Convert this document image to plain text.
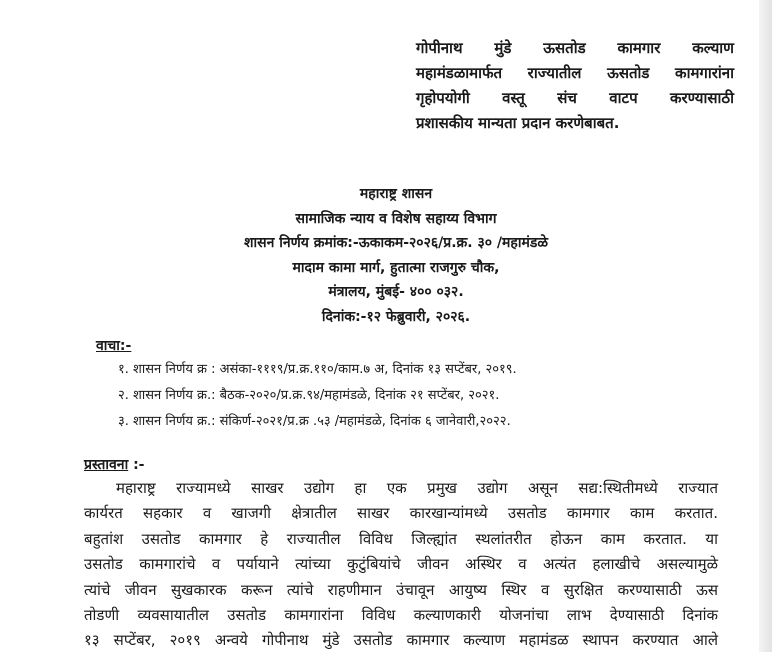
गोपीनाथ मुंडे ऊसतोड कामगार कल्याण
महामंडळामार्फत राज्यातील ऊसतोड कामगारांना
गृहोपयोगी वस्तू संच वाटप करण्यासाठी
प्रशासकीय मान्यता प्रदान करणेबाबत.
महाराष्ट्र शासन
सामाजिक न्याय व विशेष सहाय्य विभाग
शासन निर्णय क्रमांक:-ऊकाकम-२०२६/प्र.क्र. ३० /महामंडळे
मादाम कामा मार्ग, हुतात्मा राजगुरु चौक,
मंत्रालय, मुंबई- ४०० ०३२.
दिनांक:-१२ फेब्रुवारी, २०२६.
वाचा:-
१. शासन निर्णय क्र : असंका-१११९/प्र.क्र.११०/काम.७ अ, दिनांक १३ सप्टेंबर, २०१९.
२. शासन निर्णय क्र.: बैठक-२०२०/प्र.क्र.९४/महामंडळे, दिनांक २१ सप्टेंबर, २०२१.
३. शासन निर्णय क्र.: संकिर्ण-२०२१/प्र.क्र .५३ /महामंडळे, दिनांक ६ जानेवारी,२०२२.
प्रस्तावना :-
महाराष्ट्र राज्यामध्ये साखर उद्योग हा एक प्रमुख उद्योग असून सद्य:स्थितीमध्ये राज्यात
कार्यरत सहकार व खाजगी क्षेत्रातील साखर कारखान्यांमध्ये उसतोड कामगार काम करतात.
बहुतांश उसतोड कामगार हे राज्यातील विविध जिल्ह्यांत स्थलांतरीत होऊन काम करतात. या
उसतोड कामगारांचे व पर्यायाने त्यांच्या कुटुंबियांचे जीवन अस्थिर व अत्यंत हलाखीचे असल्यामुळे
त्यांचे जीवन सुखकारक करून त्यांचे राहणीमान उंचावून आयुष्य स्थिर व सुरक्षित करण्यासाठी ऊस
तोडणी व्यवसायातील उसतोड कामगारांना विविध कल्याणकारी योजनांचा लाभ देण्यासाठी दिनांक
१३ सप्टेंबर, २०१९ अन्वये गोपीनाथ मुंडे उसतोड कामगार कल्याण महामंडळ स्थापन करण्यात आले
